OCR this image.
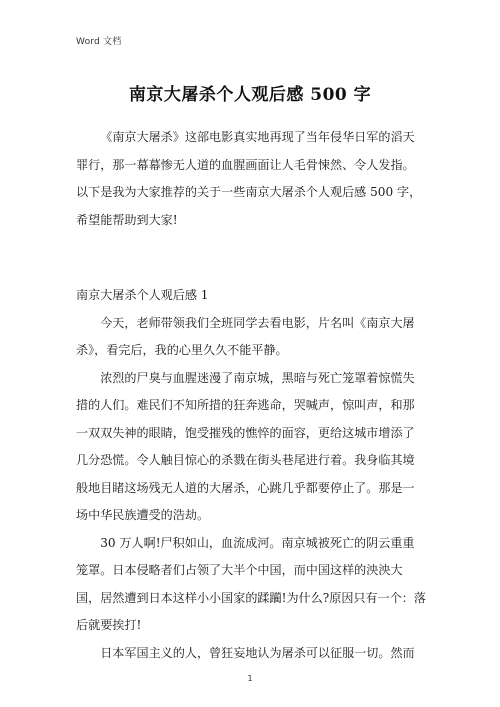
Word 文档
南京大屠杀个人观后感 500 字

《南京大屠杀》这部电影真实地再现了当年侵华日军的滔天罪行，那一幕幕惨无人道的血腥画面让人毛骨悚然、令人发指。以下是我为大家推荐的关于一些南京大屠杀个人观后感 500 字，希望能帮助到大家!

南京大屠杀个人观后感 1

今天，老师带领我们全班同学去看电影，片名叫《南京大屠杀》，看完后，我的心里久久不能平静。

浓烈的尸臭与血腥迷漫了南京城，黑暗与死亡笼罩着惊慌失措的人们。难民们不知所措的狂奔逃命，哭喊声，惊叫声，和那一双双失神的眼睛，饱受摧残的憔悴的面容，更给这城市增添了几分恐慌。令人触目惊心的杀戮在街头巷尾进行着。我身临其境般地目睹这场残无人道的大屠杀，心跳几乎都要停止了。那是一场中华民族遭受的浩劫。

30 万人啊!尸积如山，血流成河。南京城被死亡的阴云重重笼罩。日本侵略者们占领了大半个中国，而中国这样的泱泱大国，居然遭到日本这样小小国家的蹂躏!为什么?原因只有一个：落后就要挨打!

日本军国主义的人，曾狂妄地认为屠杀可以征服一切。然而

1
